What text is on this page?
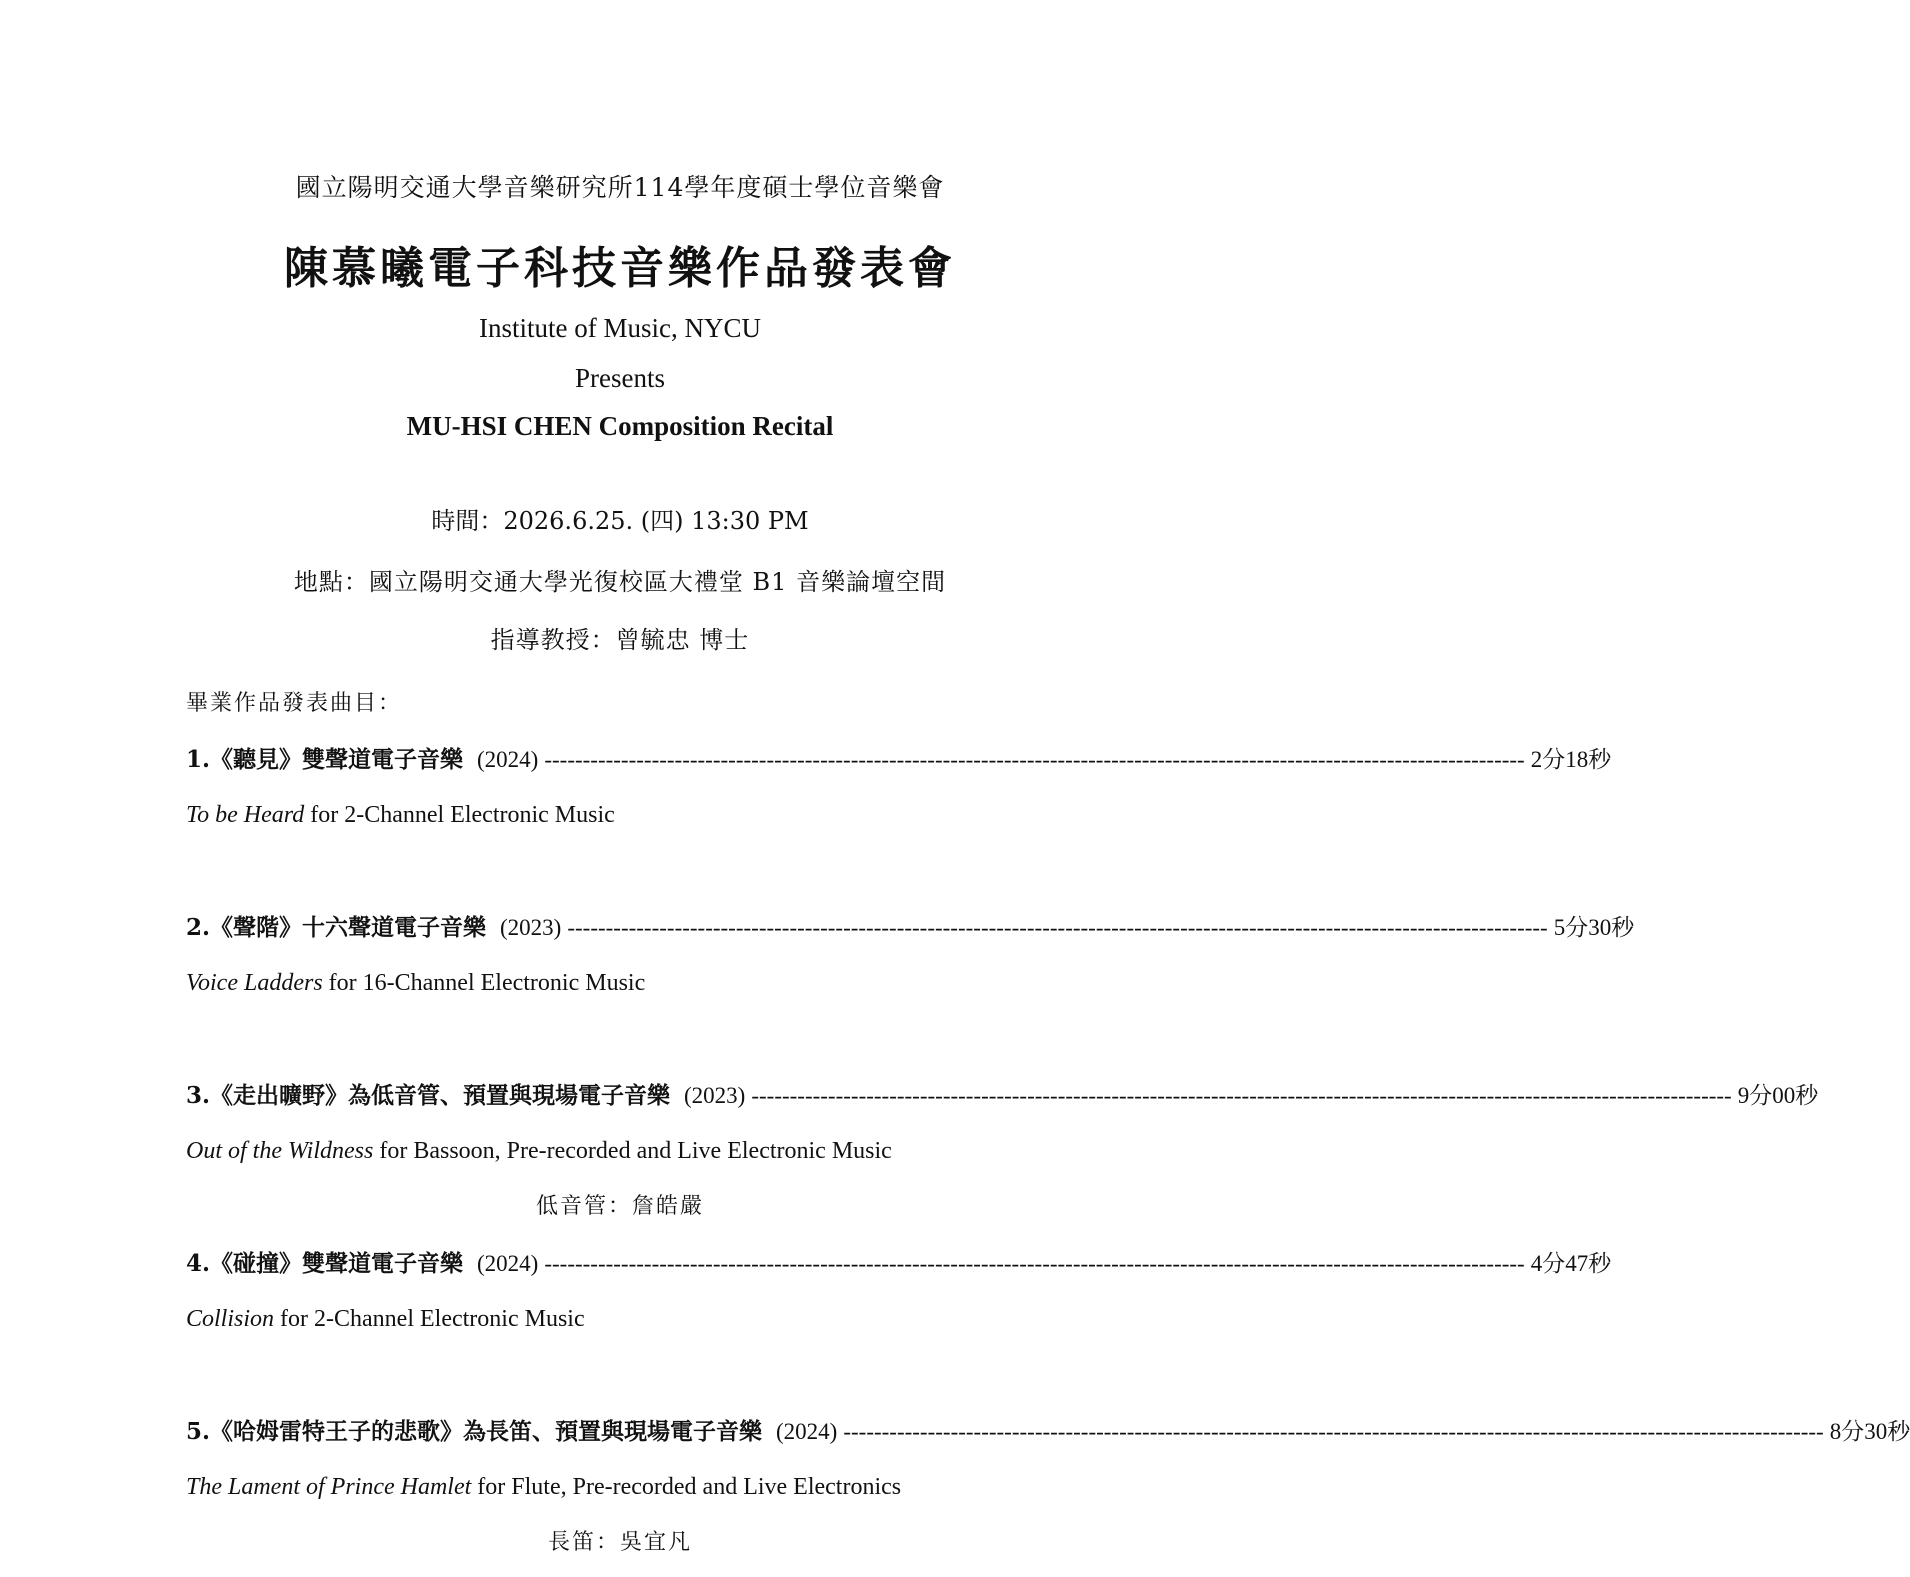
國立陽明交通大學音樂研究所114學年度碩士學位音樂會
陳慕曦電子科技音樂作品發表會
Institute of Music, NYCU
Presents
MU-HSI CHEN Composition Recital
時間：2026.6.25. (四) 13:30 PM
地點：國立陽明交通大學光復校區大禮堂 B1 音樂論壇空間
指導教授：曾毓忠 博士
畢業作品發表曲目：
1.《聽見》雙聲道電子音樂 (2024) -------------------------------------------------------------------------------------------------------------------------------- 2分18秒
To be Heard for 2-Channel Electronic Music
2.《聲階》十六聲道電子音樂 (2023) -------------------------------------------------------------------------------------------------------------------------------- 5分30秒
Voice Ladders for 16-Channel Electronic Music
3.《走出曠野》為低音管、預置與現場電子音樂 (2023) -------------------------------------------------------------------------------------------------------------------------------- 9分00秒
Out of the Wildness for Bassoon, Pre-recorded and Live Electronic Music
低音管：詹皓嚴
4.《碰撞》雙聲道電子音樂 (2024) -------------------------------------------------------------------------------------------------------------------------------- 4分47秒
Collision for 2-Channel Electronic Music
5.《哈姆雷特王子的悲歌》為長笛、預置與現場電子音樂 (2024) -------------------------------------------------------------------------------------------------------------------------------- 8分30秒
The Lament of Prince Hamlet for Flute, Pre-recorded and Live Electronics
長笛：吳宜凡
